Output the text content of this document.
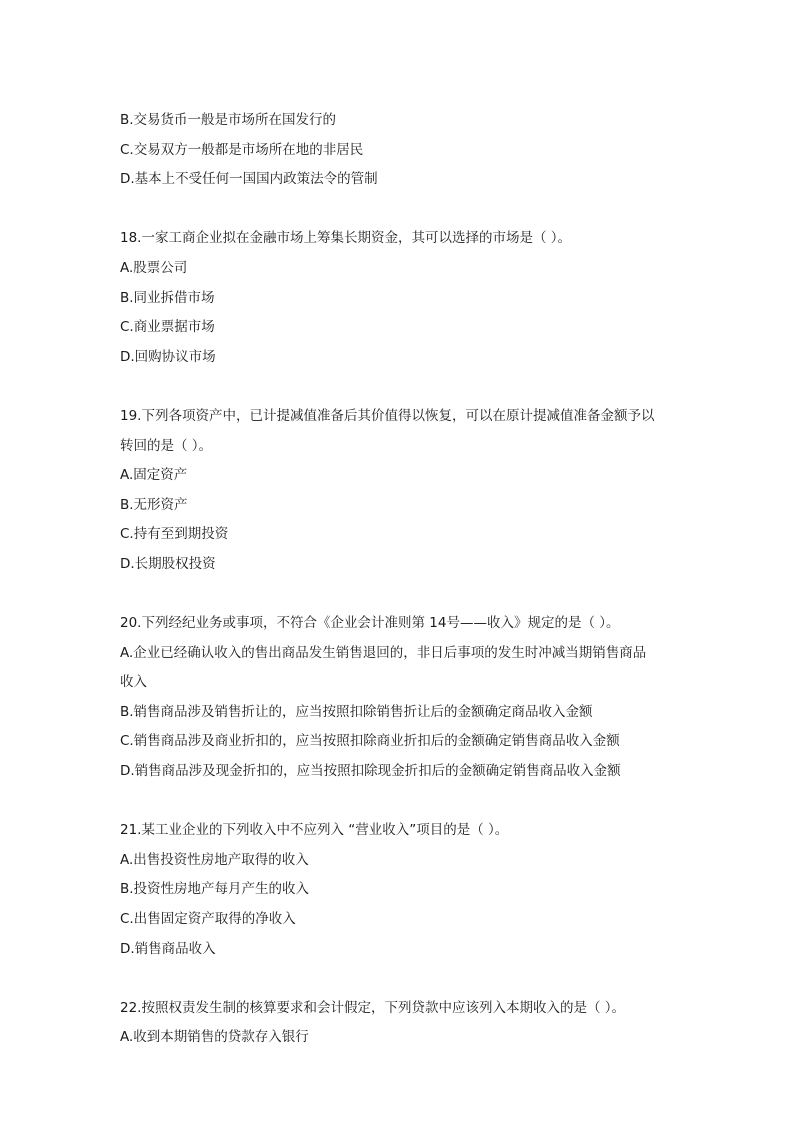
B.交易货币一般是市场所在国发行的
C.交易双方一般都是市场所在地的非居民
D.基本上不受任何一国国内政策法令的管制
18.一家工商企业拟在金融市场上筹集长期资金，其可以选择的市场是（ ）。
A.股票公司
B.同业拆借市场
C.商业票据市场
D.回购协议市场
19.下列各项资产中，已计提减值准备后其价值得以恢复，可以在原计提减值准备金额予以
转回的是（ ）。
A.固定资产
B.无形资产
C.持有至到期投资
D.长期股权投资
20.下列经纪业务或事项，不符合《企业会计准则第 14号——收入》规定的是（ ）。
A.企业已经确认收入的售出商品发生销售退回的，非日后事项的发生时冲减当期销售商品
收入
B.销售商品涉及销售折让的，应当按照扣除销售折让后的金额确定商品收入金额
C.销售商品涉及商业折扣的，应当按照扣除商业折扣后的金额确定销售商品收入金额
D.销售商品涉及现金折扣的，应当按照扣除现金折扣后的金额确定销售商品收入金额
21.某工业企业的下列收入中不应列入 “营业收入”项目的是（ ）。
A.出售投资性房地产取得的收入
B.投资性房地产每月产生的收入
C.出售固定资产取得的净收入
D.销售商品收入
22.按照权责发生制的核算要求和会计假定，下列贷款中应该列入本期收入的是（ ）。
A.收到本期销售的贷款存入银行
